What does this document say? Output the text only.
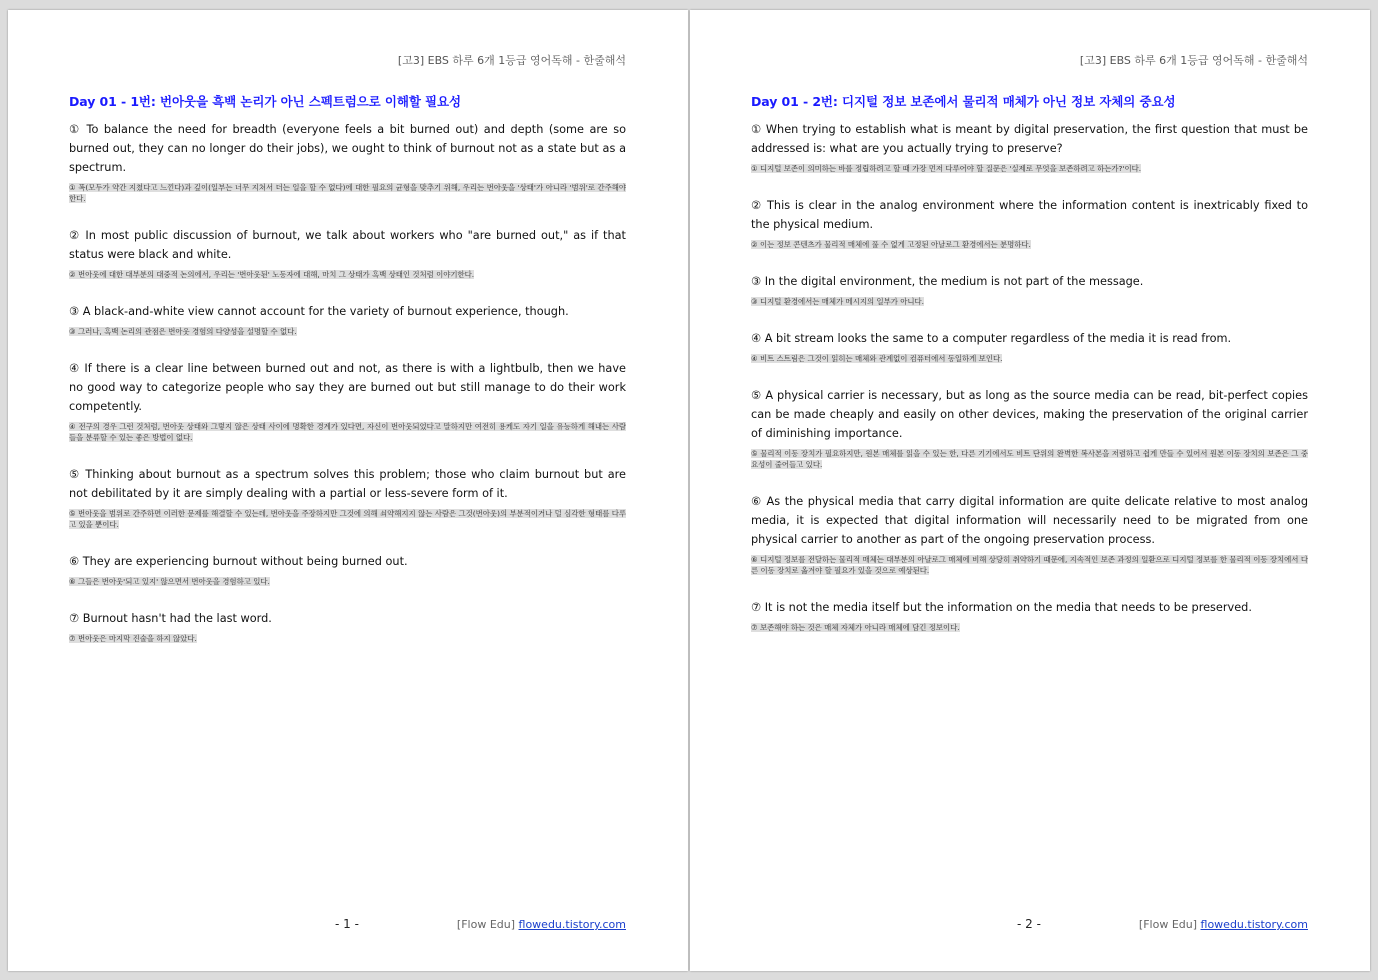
[고3] EBS 하루 6개 1등급 영어독해 - 한줄해석
Day 01 - 1번: 번아웃을 흑백 논리가 아닌 스펙트럼으로 이해할 필요성

① To balance the need for breadth (everyone feels a bit burned out) and depth (some are so burned out, they can no longer do their jobs), we ought to think of burnout not as a state but as a spectrum.

① 폭(모두가 약간 지쳤다고 느낀다)과 깊이(일부는 너무 지쳐서 더는 일을 할 수 없다)에 대한 필요의 균형을 맞추기 위해, 우리는 번아웃을 '상태'가 아니라 '범위'로 간주해야 한다.

② In most public discussion of burnout, we talk about workers who "are burned out," as if that status were black and white.

② 번아웃에 대한 대부분의 대중적 논의에서, 우리는 '번아웃된' 노동자에 대해, 마치 그 상태가 흑백 상태인 것처럼 이야기한다.

③ A black-and-white view cannot account for the variety of burnout experience, though.

③ 그러나, 흑백 논리의 관점은 번아웃 경험의 다양성을 설명할 수 없다.

④ If there is a clear line between burned out and not, as there is with a lightbulb, then we have no good way to categorize people who say they are burned out but still manage to do their work competently.

④ 전구의 경우 그런 것처럼, 번아웃 상태와 그렇지 않은 상태 사이에 명확한 경계가 있다면, 자신이 번아웃되었다고 말하지만 여전히 용케도 자기 일을 유능하게 해내는 사람들을 분류할 수 있는 좋은 방법이 없다.

⑤ Thinking about burnout as a spectrum solves this problem; those who claim burnout but are not debilitated by it are simply dealing with a partial or less-severe form of it.

⑤ 번아웃을 범위로 간주하면 이러한 문제를 해결할 수 있는데, 번아웃을 주장하지만 그것에 의해 쇠약해지지 않는 사람은 그것(번아웃)의 부분적이거나 덜 심각한 형태를 다루고 있을 뿐이다.

⑥ They are experiencing burnout without being burned out.

⑥ 그들은 번아웃'되고 있지' 않으면서 번아웃을 경험하고 있다.

⑦ Burnout hasn't had the last word.

⑦ 번아웃은 마지막 진술을 하지 않았다.
- 1 -	[Flow Edu] flowedu.tistory.com
[고3] EBS 하루 6개 1등급 영어독해 - 한줄해석
Day 01 - 2번: 디지털 정보 보존에서 물리적 매체가 아닌 정보 자체의 중요성

① When trying to establish what is meant by digital preservation, the first question that must be addressed is: what are you actually trying to preserve?

① 디지털 보존이 의미하는 바를 정립하려고 할 때 가장 먼저 다루어야 할 질문은 '실제로 무엇을 보존하려고 하는가?'이다.

② This is clear in the analog environment where the information content is inextricably fixed to the physical medium.

② 이는 정보 콘텐츠가 물리적 매체에 풀 수 없게 고정된 아날로그 환경에서는 분명하다.

③ In the digital environment, the medium is not part of the message.

③ 디지털 환경에서는 매체가 메시지의 일부가 아니다.

④ A bit stream looks the same to a computer regardless of the media it is read from.

④ 비트 스트림은 그것이 읽히는 매체와 관계없이 컴퓨터에서 동일하게 보인다.

⑤ A physical carrier is necessary, but as long as the source media can be read, bit-perfect copies can be made cheaply and easily on other devices, making the preservation of the original carrier of diminishing importance.

⑤ 물리적 이동 장치가 필요하지만, 원본 매체를 읽을 수 있는 한, 다른 기기에서도 비트 단위의 완벽한 복사본을 저렴하고 쉽게 만들 수 있어서 원본 이동 장치의 보존은 그 중요성이 줄어들고 있다.

⑥ As the physical media that carry digital information are quite delicate relative to most analog media, it is expected that digital information will necessarily need to be migrated from one physical carrier to another as part of the ongoing preservation process.

⑥ 디지털 정보를 전달하는 물리적 매체는 대부분의 아날로그 매체에 비해 상당히 취약하기 때문에, 지속적인 보존 과정의 일환으로 디지털 정보를 한 물리적 이동 장치에서 다른 이동 장치로 옮겨야 할 필요가 있을 것으로 예상된다.

⑦ It is not the media itself but the information on the media that needs to be preserved.

⑦ 보존해야 하는 것은 매체 자체가 아니라 매체에 담긴 정보이다.
- 2 -	[Flow Edu] flowedu.tistory.com
